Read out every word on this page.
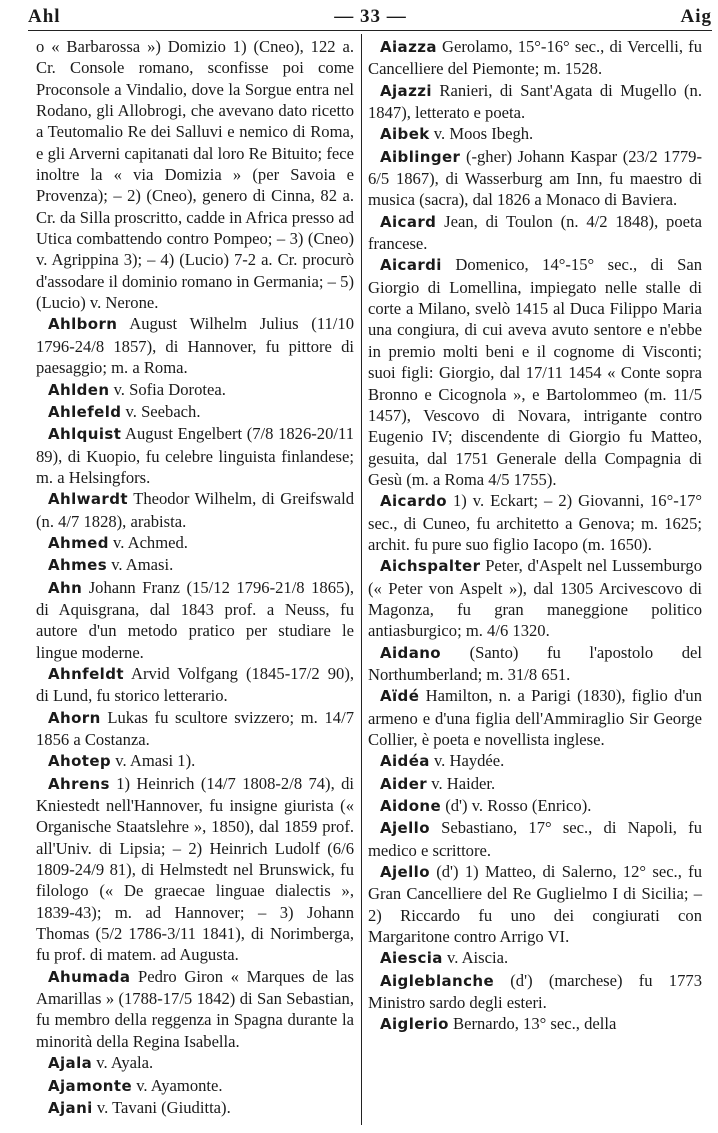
Ahl	— 33 —	Aig
o « Barbarossa ») Domizio 1) (Cneo), 122 a. Cr. Console romano, sconfisse poi come Proconsole a Vindalio, dove la Sorgue entra nel Rodano, gli Allobrogi, che avevano dato ricetto a Teutomalio Re dei Salluvi e nemico di Roma, e gli Arverni capitanati dal loro Re Bituito; fece inoltre la « via Domizia » (per Savoia e Provenza); – 2) (Cneo), genero di Cinna, 82 a. Cr. da Silla proscritto, cadde in Africa presso ad Utica combattendo contro Pompeo; – 3) (Cneo) v. Agrippina 3); – 4) (Lucio) 7-2 a. Cr. procurò d'assodare il dominio romano in Germania; – 5) (Lucio) v. Nerone.
Ahlborn August Wilhelm Julius (11/10 1796-24/8 1857), di Hannover, fu pittore di paesaggio; m. a Roma.
Ahlden v. Sofia Dorotea.
Ahlefeld v. Seebach.
Ahlquist August Engelbert (7/8 1826-20/11 89), di Kuopio, fu celebre linguista finlandese; m. a Helsingfors.
Ahlwardt Theodor Wilhelm, di Greifswald (n. 4/7 1828), arabista.
Ahmed v. Achmed.
Ahmes v. Amasi.
Ahn Johann Franz (15/12 1796-21/8 1865), di Aquisgrana, dal 1843 prof. a Neuss, fu autore d'un metodo pratico per studiare le lingue moderne.
Ahnfeldt Arvid Volfgang (1845-17/2 90), di Lund, fu storico letterario.
Ahorn Lukas fu scultore svizzero; m. 14/7 1856 a Costanza.
Ahotep v. Amasi 1).
Ahrens 1) Heinrich (14/7 1808-2/8 74), di Kniestedt nell'Hannover, fu insigne giurista (« Organische Staatslehre », 1850), dal 1859 prof. all'Univ. di Lipsia; – 2) Heinrich Ludolf (6/6 1809-24/9 81), di Helmstedt nel Brunswick, fu filologo (« De graecae linguae dialectis », 1839-43); m. ad Hannover; – 3) Johann Thomas (5/2 1786-3/11 1841), di Norimberga, fu prof. di matem. ad Augusta.
Ahumada Pedro Giron « Marques de las Amarillas » (1788-17/5 1842) di San Sebastian, fu membro della reggenza in Spagna durante la minorità della Regina Isabella.
Ajala v. Ayala.
Ajamonte v. Ayamonte.
Ajani v. Tavani (Giuditta).
Aiazza Gerolamo, 15°-16° sec., di Vercelli, fu Cancelliere del Piemonte; m. 1528.
Ajazzi Ranieri, di Sant'Agata di Mugello (n. 1847), letterato e poeta.
Aibek v. Moos Ibegh.
Aiblinger (-gher) Johann Kaspar (23/2 1779-6/5 1867), di Wasserburg am Inn, fu maestro di musica (sacra), dal 1826 a Monaco di Baviera.
Aicard Jean, di Toulon (n. 4/2 1848), poeta francese.
Aicardi Domenico, 14°-15° sec., di San Giorgio di Lomellina, impiegato nelle stalle di corte a Milano, svelò 1415 al Duca Filippo Maria una congiura, di cui aveva avuto sentore e n'ebbe in premio molti beni e il cognome di Visconti; suoi figli: Giorgio, dal 17/11 1454 « Conte sopra Bronno e Cicognola », e Bartolommeo (m. 11/5 1457), Vescovo di Novara, intrigante contro Eugenio IV; discendente di Giorgio fu Matteo, gesuita, dal 1751 Generale della Compagnia di Gesù (m. a Roma 4/5 1755).
Aicardo 1) v. Eckart; – 2) Giovanni, 16°-17° sec., di Cuneo, fu architetto a Genova; m. 1625; archit. fu pure suo figlio Iacopo (m. 1650).
Aichspalter Peter, d'Aspelt nel Lussemburgo (« Peter von Aspelt »), dal 1305 Arcivescovo di Magonza, fu gran maneggione politico antiasburgico; m. 4/6 1320.
Aidano (Santo) fu l'apostolo del Northumberland; m. 31/8 651.
Aïdé Hamilton, n. a Parigi (1830), figlio d'un armeno e d'una figlia dell'Ammiraglio Sir George Collier, è poeta e novellista inglese.
Aidéa v. Haydée.
Aider v. Haider.
Aidone (d') v. Rosso (Enrico).
Ajello Sebastiano, 17° sec., di Napoli, fu medico e scrittore.
Ajello (d') 1) Matteo, di Salerno, 12° sec., fu Gran Cancelliere del Re Guglielmo I di Sicilia; – 2) Riccardo fu uno dei congiurati con Margaritone contro Arrigo VI.
Aiescia v. Aiscia.
Aigleblanche (d') (marchese) fu 1773 Ministro sardo degli esteri.
Aiglerio Bernardo, 13° sec., della
